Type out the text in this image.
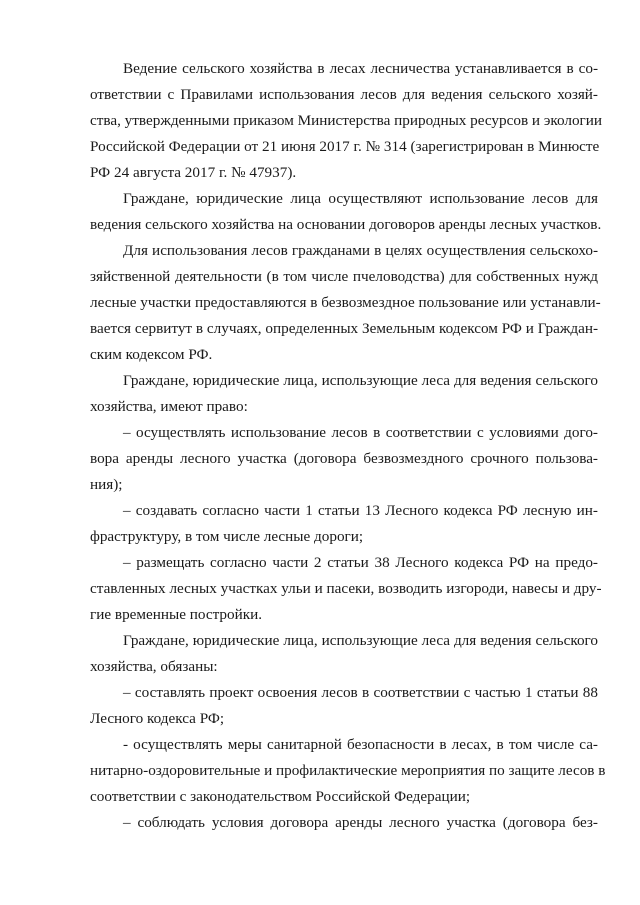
Ведение сельского хозяйства в лесах лесничества устанавливается в со-
ответствии с Правилами использования лесов для ведения сельского хозяй-
ства, утвержденными приказом Министерства природных ресурсов и экологии
Российской Федерации от 21 июня 2017 г. № 314 (зарегистрирован в Минюсте
РФ 24 августа 2017 г. № 47937).
Граждане, юридические лица осуществляют использование лесов для
ведения сельского хозяйства на основании договоров аренды лесных участков.
Для использования лесов гражданами в целях осуществления сельскохо-
зяйственной деятельности (в том числе пчеловодства) для собственных нужд
лесные участки предоставляются в безвозмездное пользование или устанавли-
вается сервитут в случаях, определенных Земельным кодексом РФ и Граждан-
ским кодексом РФ.
Граждане, юридические лица, использующие леса для ведения сельского
хозяйства, имеют право:
– осуществлять использование лесов в соответствии с условиями дого-
вора аренды лесного участка (договора безвозмездного срочного пользова-
ния);
– создавать согласно части 1 статьи 13 Лесного кодекса РФ лесную ин-
фраструктуру, в том числе лесные дороги;
– размещать согласно части 2 статьи 38 Лесного кодекса РФ на предо-
ставленных лесных участках ульи и пасеки, возводить изгороди, навесы и дру-
гие временные постройки.
Граждане, юридические лица, использующие леса для ведения сельского
хозяйства, обязаны:
– составлять проект освоения лесов в соответствии с частью 1 статьи 88
Лесного кодекса РФ;
- осуществлять меры санитарной безопасности в лесах, в том числе са-
нитарно-оздоровительные и профилактические мероприятия по защите лесов в
соответствии с законодательством Российской Федерации;
– соблюдать условия договора аренды лесного участка (договора без-
